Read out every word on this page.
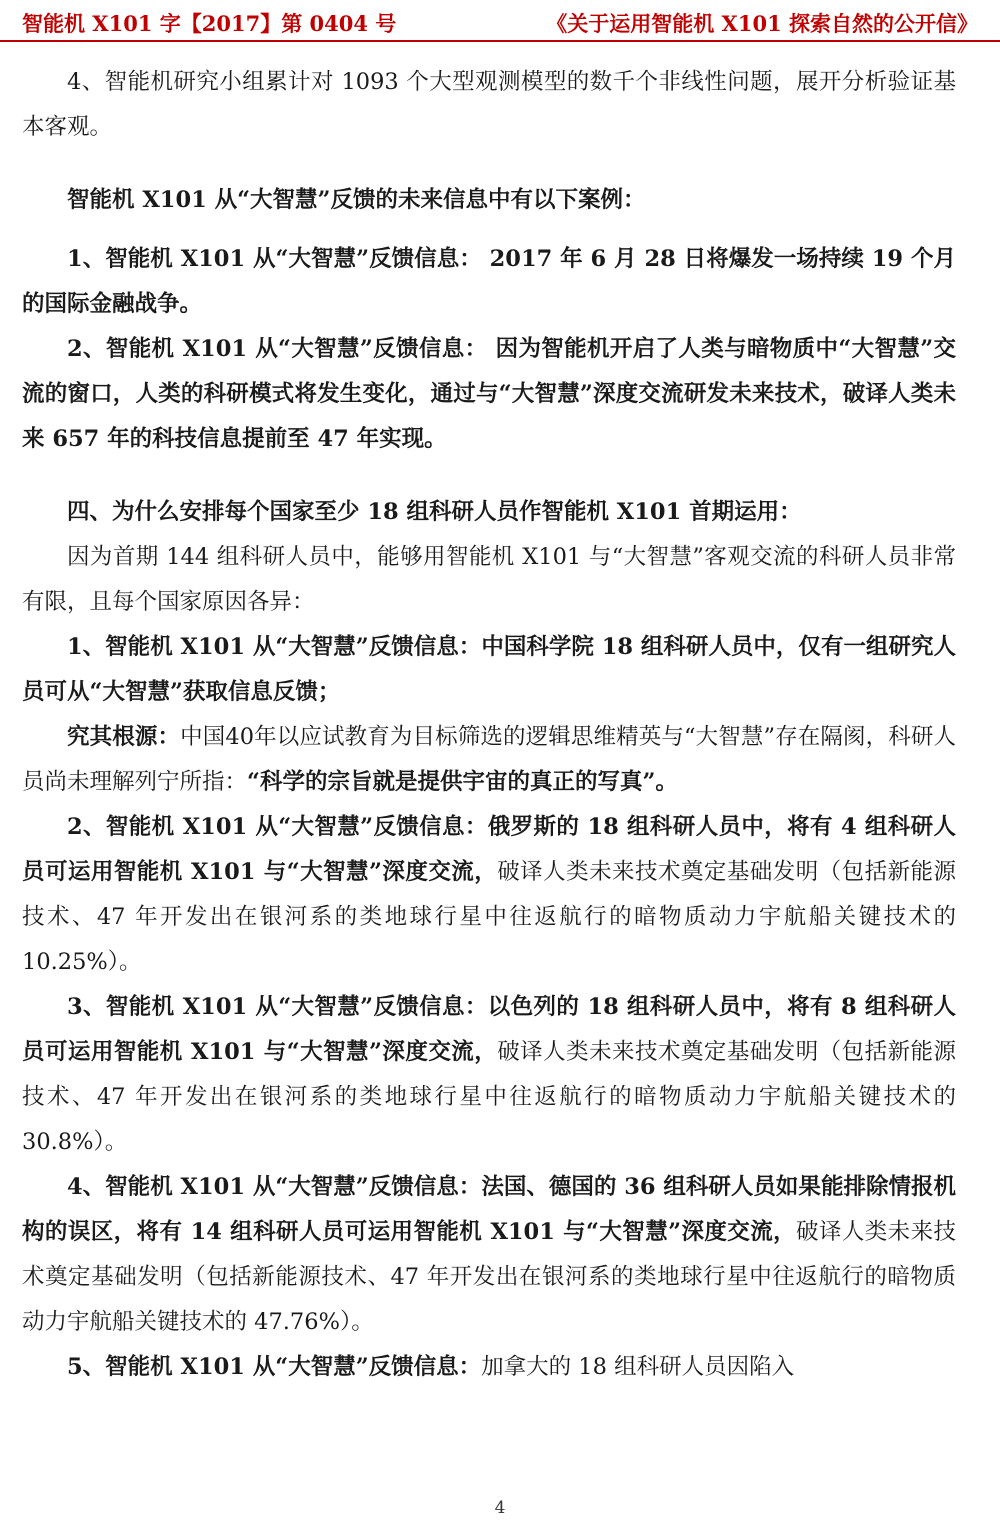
智能机 X101 字【2017】第 0404 号	《关于运用智能机 X101 探索自然的公开信》

4、智能机研究小组累计对 1093 个大型观测模型的数千个非线性问题，展开分析验证基本客观。

智能机 X101 从“大智慧”反馈的未来信息中有以下案例：

1、智能机 X101 从“大智慧”反馈信息： 2017 年 6 月 28 日将爆发一场持续 19 个月的国际金融战争。

2、智能机 X101 从“大智慧”反馈信息： 因为智能机开启了人类与暗物质中“大智慧”交流的窗口，人类的科研模式将发生变化，通过与“大智慧”深度交流研发未来技术，破译人类未来 657 年的科技信息提前至 47 年实现。

四、为什么安排每个国家至少 18 组科研人员作智能机 X101 首期运用：

因为首期 144 组科研人员中，能够用智能机 X101 与“大智慧”客观交流的科研人员非常有限，且每个国家原因各异：

1、智能机 X101 从“大智慧”反馈信息：中国科学院 18 组科研人员中，仅有一组研究人员可从“大智慧”获取信息反馈；

究其根源：中国40年以应试教育为目标筛选的逻辑思维精英与“大智慧”存在隔阂，科研人员尚未理解列宁所指：“科学的宗旨就是提供宇宙的真正的写真”。

2、智能机 X101 从“大智慧”反馈信息：俄罗斯的 18 组科研人员中，将有 4 组科研人员可运用智能机 X101 与“大智慧”深度交流，破译人类未来技术奠定基础发明（包括新能源技术、47 年开发出在银河系的类地球行星中往返航行的暗物质动力宇航船关键技术的 10.25%）。

3、智能机 X101 从“大智慧”反馈信息：以色列的 18 组科研人员中，将有 8 组科研人员可运用智能机 X101 与“大智慧”深度交流，破译人类未来技术奠定基础发明（包括新能源技术、47 年开发出在银河系的类地球行星中往返航行的暗物质动力宇航船关键技术的 30.8%）。

4、智能机 X101 从“大智慧”反馈信息：法国、德国的 36 组科研人员如果能排除情报机构的误区，将有 14 组科研人员可运用智能机 X101 与“大智慧”深度交流，破译人类未来技术奠定基础发明（包括新能源技术、47 年开发出在银河系的类地球行星中往返航行的暗物质动力宇航船关键技术的 47.76%）。

5、智能机 X101 从“大智慧”反馈信息：加拿大的 18 组科研人员因陷入

4
